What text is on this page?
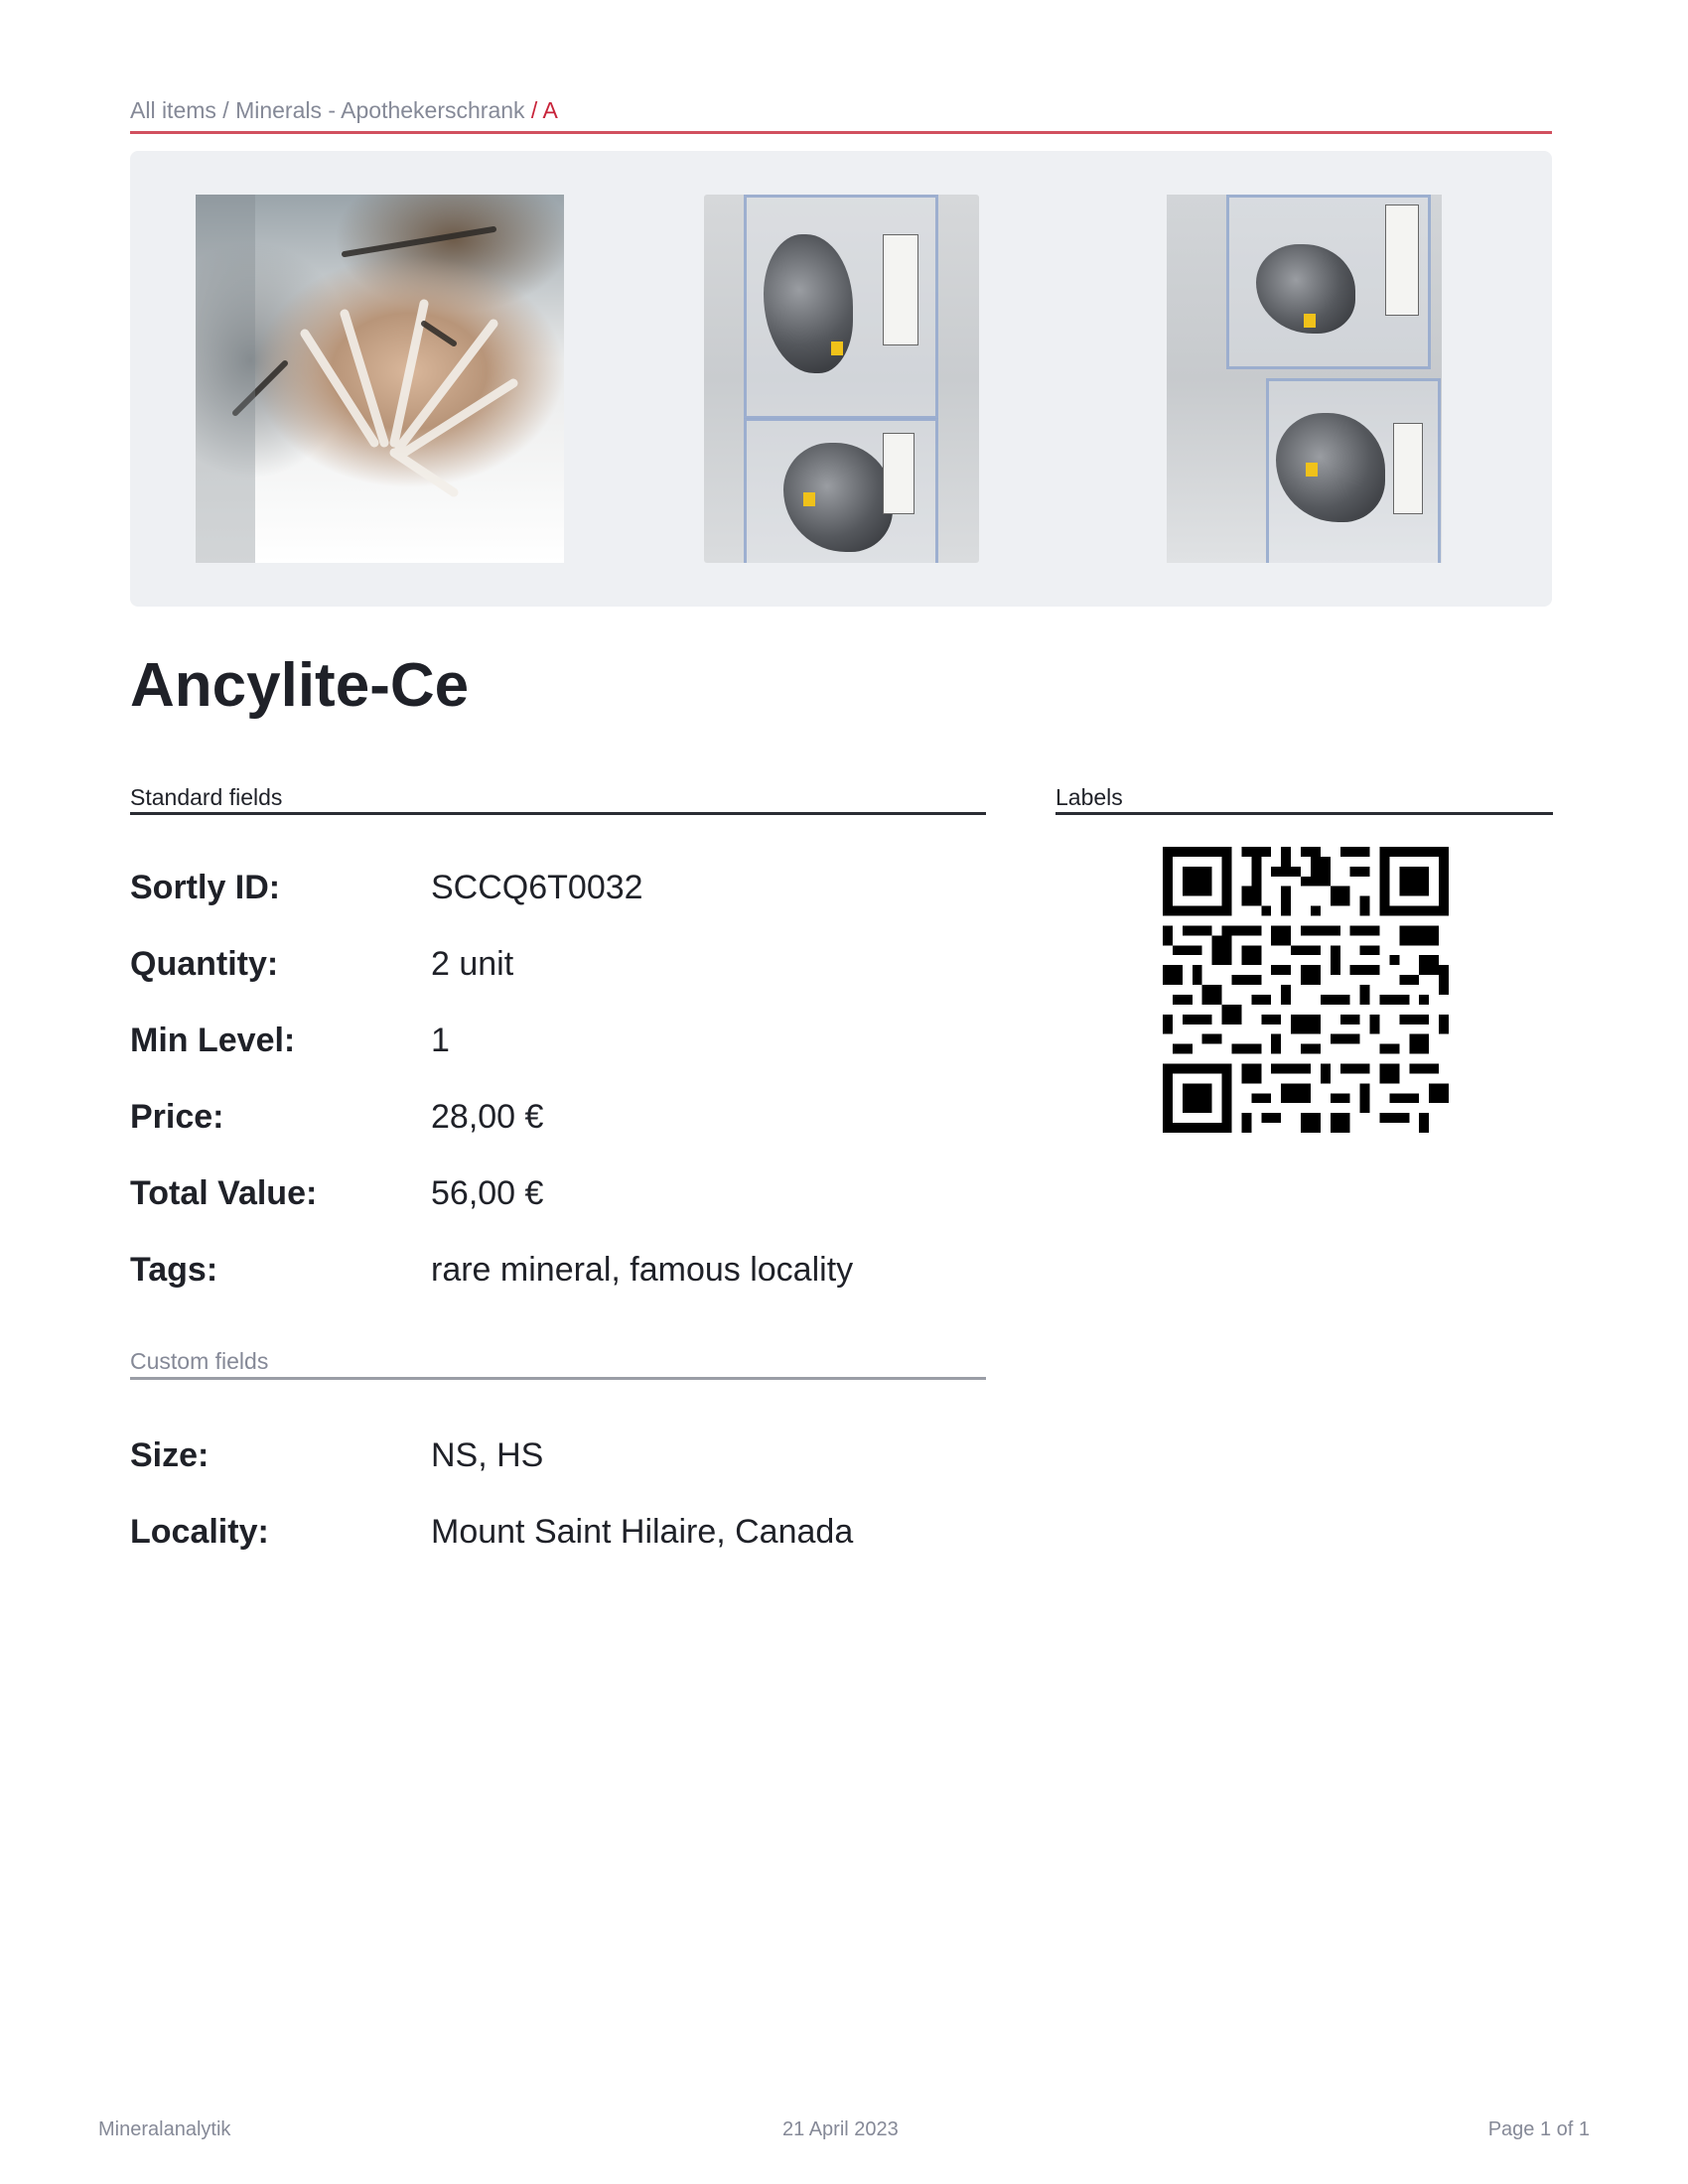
All items / Minerals - Apothekerschrank / A
Ancylite-Ce
Standard fields
Sortly ID:	SCCQ6T0032
Quantity:	2 unit
Min Level:	1
Price:	28,00 €
Total Value:	56,00 €
Tags:	rare mineral, famous locality
Custom fields
Size:	NS, HS
Locality:	Mount Saint Hilaire, Canada
Labels
Mineralanalytik	21 April 2023	Page 1 of 1
